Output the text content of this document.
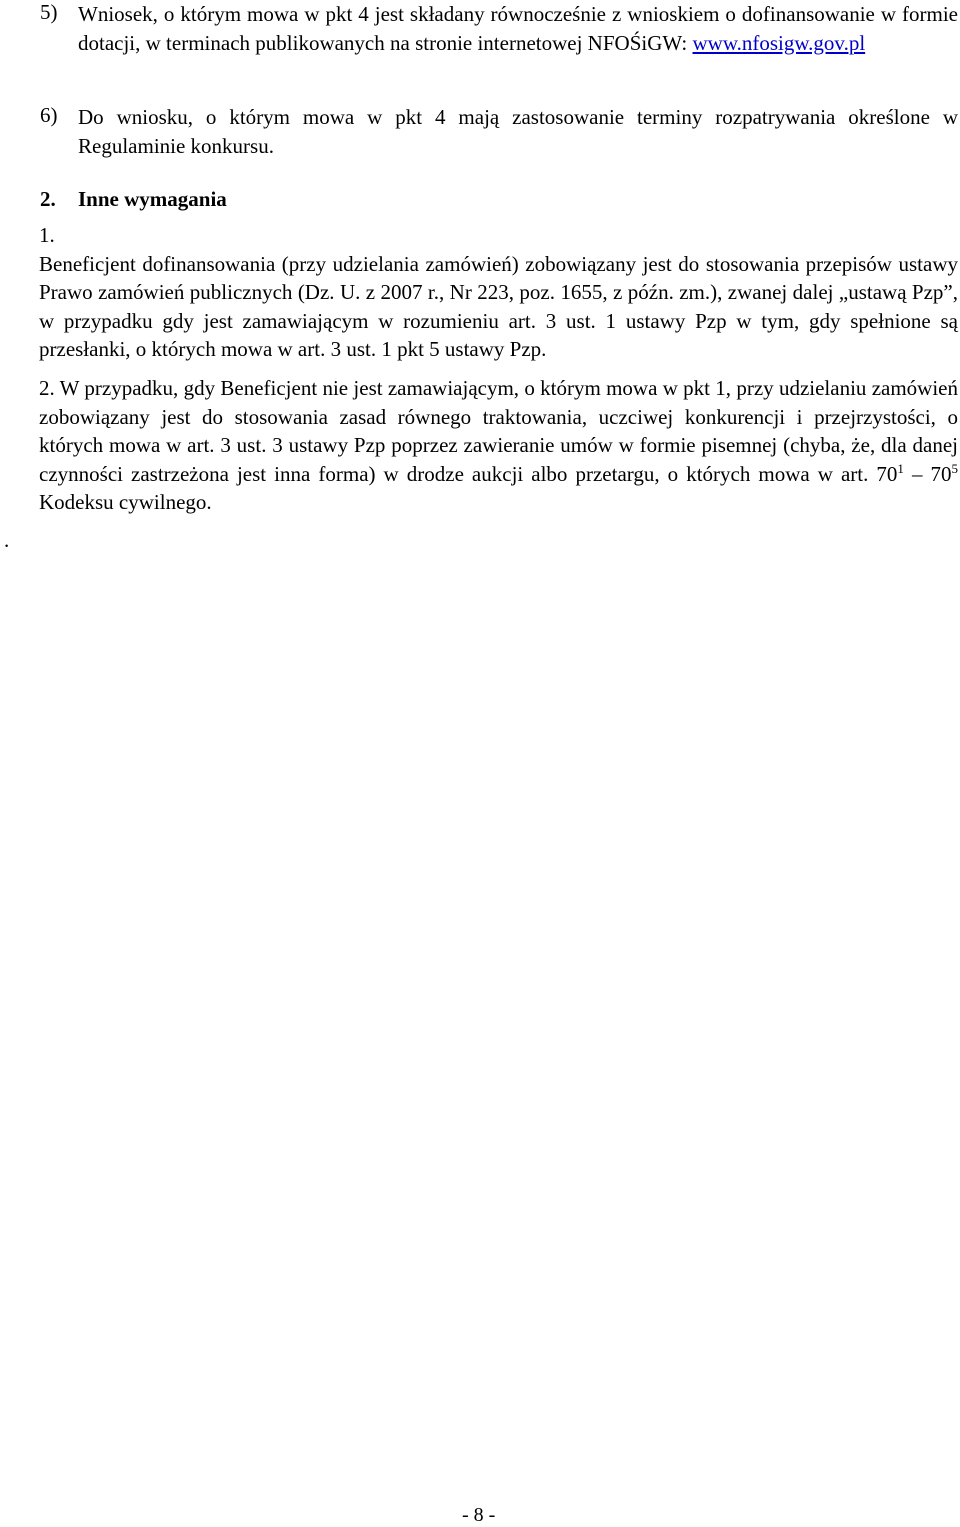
5) Wniosek, o którym mowa w pkt 4 jest składany równocześnie z wnioskiem o dofinansowanie w formie dotacji, w terminach publikowanych na stronie internetowej NFOŚiGW: www.nfosigw.gov.pl
6) Do wniosku, o którym mowa w pkt 4 mają zastosowanie terminy rozpatrywania określone w Regulaminie konkursu.
2. Inne wymagania
1.
Beneficjent dofinansowania (przy udzielania zamówień) zobowiązany jest do stosowania przepisów ustawy Prawo zamówień publicznych (Dz. U. z 2007 r., Nr 223, poz. 1655, z późn. zm.), zwanej dalej „ustawą Pzp”, w przypadku gdy jest zamawiającym w rozumieniu art. 3 ust. 1 ustawy Pzp w tym, gdy spełnione są przesłanki, o których mowa w art. 3 ust. 1 pkt 5 ustawy Pzp.
2. W przypadku, gdy Beneficjent nie jest zamawiającym, o którym mowa w pkt 1, przy udzielaniu zamówień zobowiązany jest do stosowania zasad równego traktowania, uczciwej konkurencji i przejrzystości, o których mowa w art. 3 ust. 3 ustawy Pzp poprzez zawieranie umów w formie pisemnej (chyba, że, dla danej czynności zastrzeżona jest inna forma) w drodze aukcji albo przetargu, o których mowa w art. $70^1 - 70^5$ Kodeksu cywilnego.
.
- 8 -
